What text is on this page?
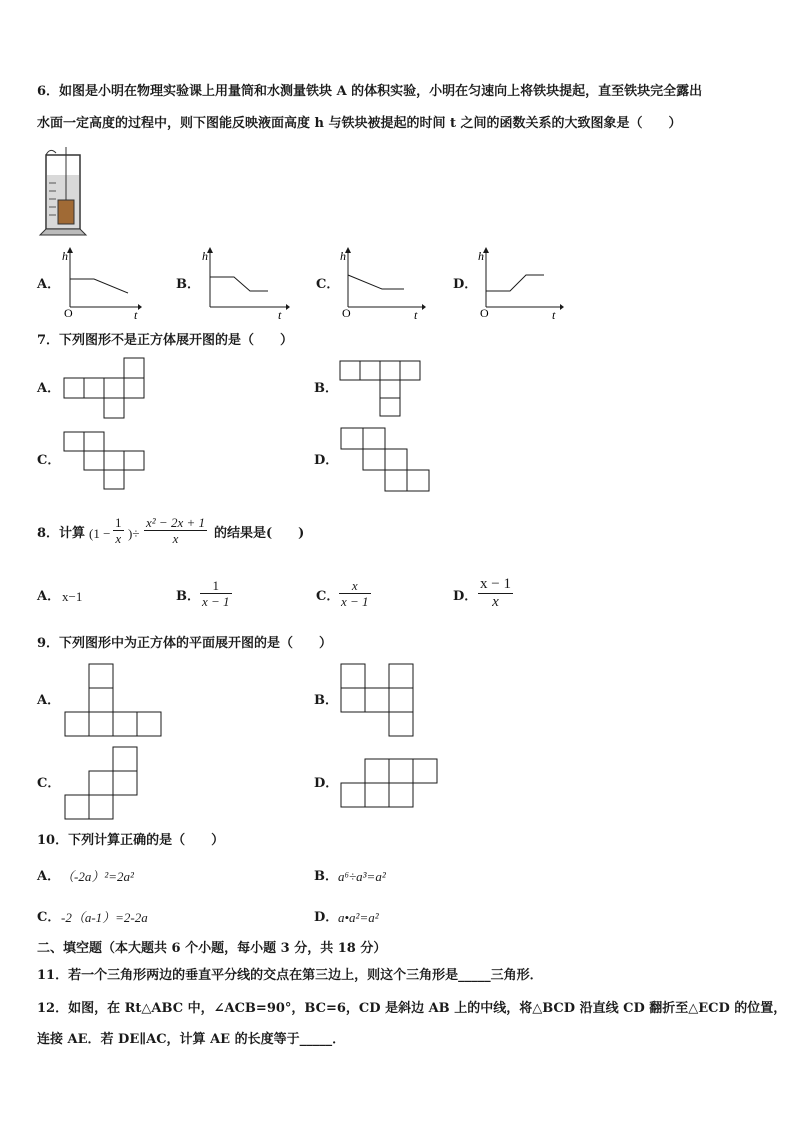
6．如图是小明在物理实验课上用量筒和水测量铁块 A 的体积实验，小明在匀速向上将铁块提起，直至铁块完全露出
水面一定高度的过程中，则下图能反映液面高度 h 与铁块被提起的时间 t 之间的函数关系的大致图象是（　　）
A．
h
O	t
B．
h
t
C．
h
O	t
D．
h
O	t
7．下列图形不是正方体展开图的是（　　）
A．	B．
C．	D．
8．计算 (1 −
1
x )÷
x² − 2x + 1
x	的结果是(　　)
A． x−1	B．
1
x − 1	C．
x
x − 1	D．
x − 1
x
9．下列图形中为正方体的平面展开图的是（　　）
A．	B．
C．	D．
10．下列计算正确的是（　　）
A． （-2a）²=2a²	B． a⁶÷a³=a²
C． -2（a-1）=2-2a	D． a•a²=a²
二、填空题（本大题共 6 个小题，每小题 3 分，共 18 分）
11．若一个三角形两边的垂直平分线的交点在第三边上，则这个三角形是_____三角形．
12．如图，在 Rt△ABC 中，∠ACB=90°，BC=6，CD 是斜边 AB 上的中线，将△BCD 沿直线 CD 翻折至△ECD 的位置，
连接 AE．若 DE∥AC，计算 AE 的长度等于_____．
